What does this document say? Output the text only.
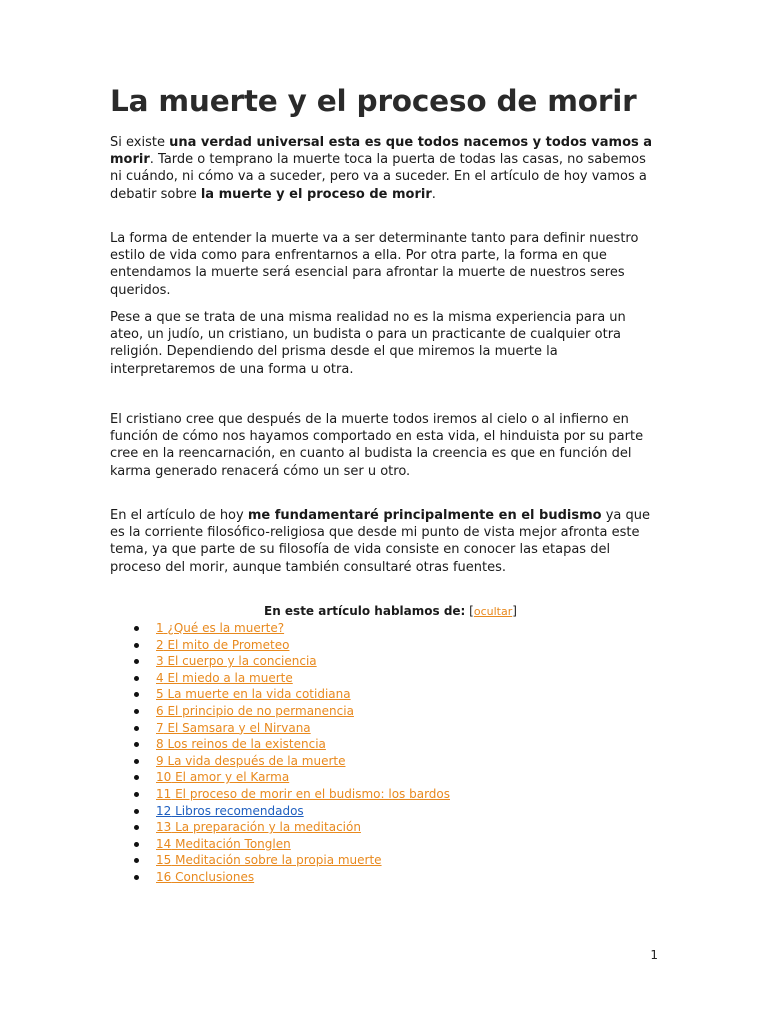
La muerte y el proceso de morir

Si existe una verdad universal esta es que todos nacemos y todos vamos a morir. Tarde o temprano la muerte toca la puerta de todas las casas, no sabemos ni cuándo, ni cómo va a suceder, pero va a suceder. En el artículo de hoy vamos a debatir sobre la muerte y el proceso de morir.

La forma de entender la muerte va a ser determinante tanto para definir nuestro estilo de vida como para enfrentarnos a ella. Por otra parte, la forma en que entendamos la muerte será esencial para afrontar la muerte de nuestros seres queridos.

Pese a que se trata de una misma realidad no es la misma experiencia para un ateo, un judío, un cristiano, un budista o para un practicante de cualquier otra religión. Dependiendo del prisma desde el que miremos la muerte la interpretaremos de una forma u otra.

El cristiano cree que después de la muerte todos iremos al cielo o al infierno en función de cómo nos hayamos comportado en esta vida, el hinduista por su parte cree en la reencarnación, en cuanto al budista la creencia es que en función del karma generado renacerá cómo un ser u otro.

En el artículo de hoy me fundamentaré principalmente en el budismo ya que es la corriente filosófico-religiosa que desde mi punto de vista mejor afronta este tema, ya que parte de su filosofía de vida consiste en conocer las etapas del proceso del morir, aunque también consultaré otras fuentes.

En este artículo hablamos de: [ocultar]

1 ¿Qué es la muerte?
2 El mito de Prometeo
3 El cuerpo y la conciencia
4 El miedo a la muerte
5 La muerte en la vida cotidiana
6 El principio de no permanencia
7 El Samsara y el Nirvana
8 Los reinos de la existencia
9 La vida después de la muerte
10 El amor y el Karma
11 El proceso de morir en el budismo: los bardos
12 Libros recomendados
13 La preparación y la meditación
14 Meditación Tonglen
15 Meditación sobre la propia muerte
16 Conclusiones
1
